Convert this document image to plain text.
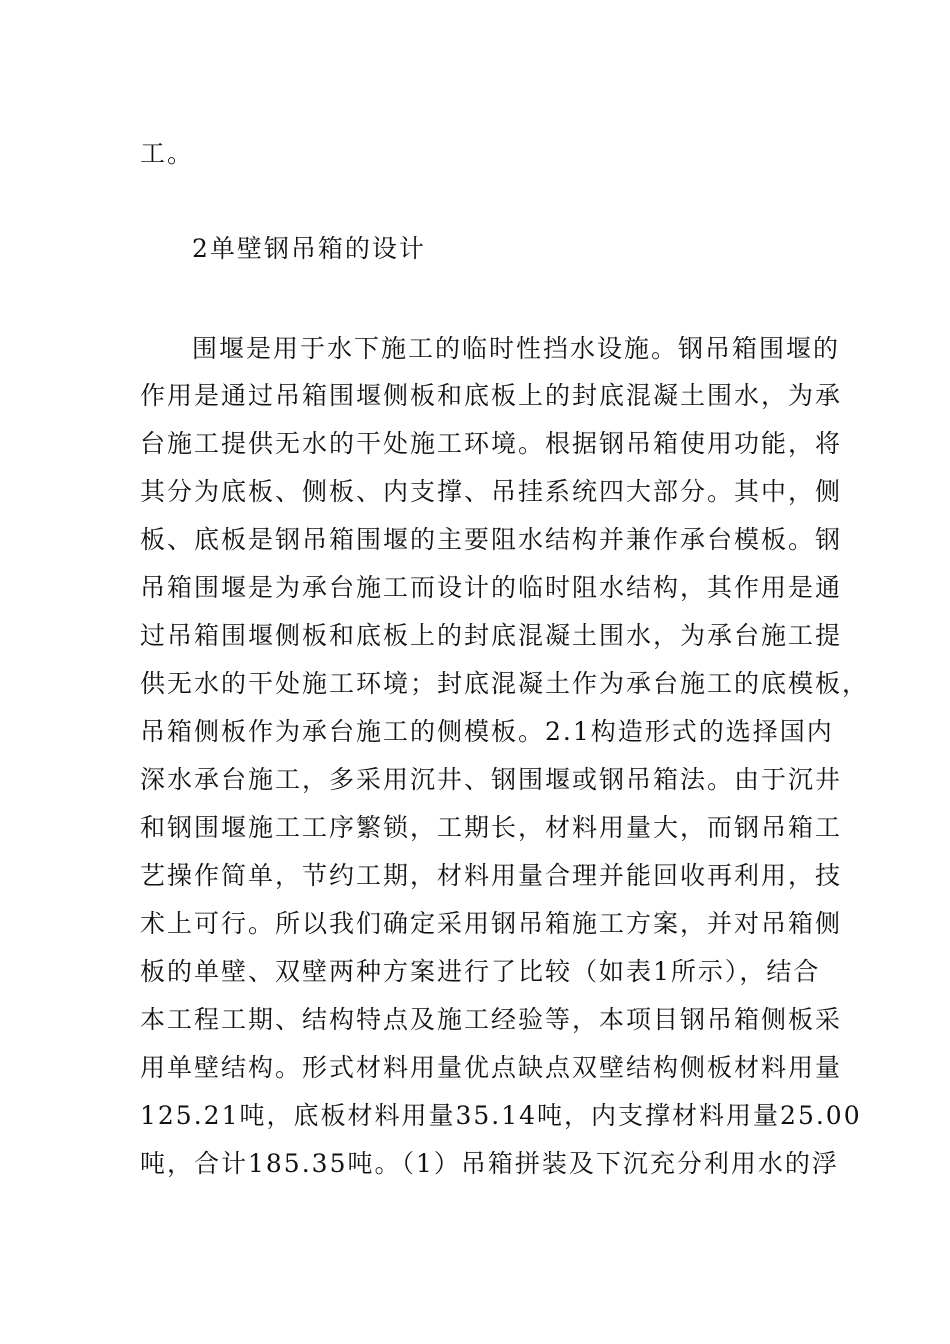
工。
2单壁钢吊箱的设计
围堰是用于水下施工的临时性挡水设施。钢吊箱围堰的
作用是通过吊箱围堰侧板和底板上的封底混凝土围水，为承
台施工提供无水的干处施工环境。根据钢吊箱使用功能，将
其分为底板、侧板、内支撑、吊挂系统四大部分。其中，侧
板、底板是钢吊箱围堰的主要阻水结构并兼作承台模板。钢
吊箱围堰是为承台施工而设计的临时阻水结构，其作用是通
过吊箱围堰侧板和底板上的封底混凝土围水，为承台施工提
供无水的干处施工环境；封底混凝土作为承台施工的底模板，
吊箱侧板作为承台施工的侧模板。2.1构造形式的选择国内
深水承台施工，多采用沉井、钢围堰或钢吊箱法。由于沉井
和钢围堰施工工序繁锁，工期长，材料用量大，而钢吊箱工
艺操作简单，节约工期，材料用量合理并能回收再利用，技
术上可行。所以我们确定采用钢吊箱施工方案，并对吊箱侧
板的单壁、双壁两种方案进行了比较（如表1所示），结合
本工程工期、结构特点及施工经验等，本项目钢吊箱侧板采
用单壁结构。形式材料用量优点缺点双壁结构侧板材料用量
125.21吨，底板材料用量35.14吨，内支撑材料用量25.00
吨，合计185.35吨。（1）吊箱拼装及下沉充分利用水的浮
